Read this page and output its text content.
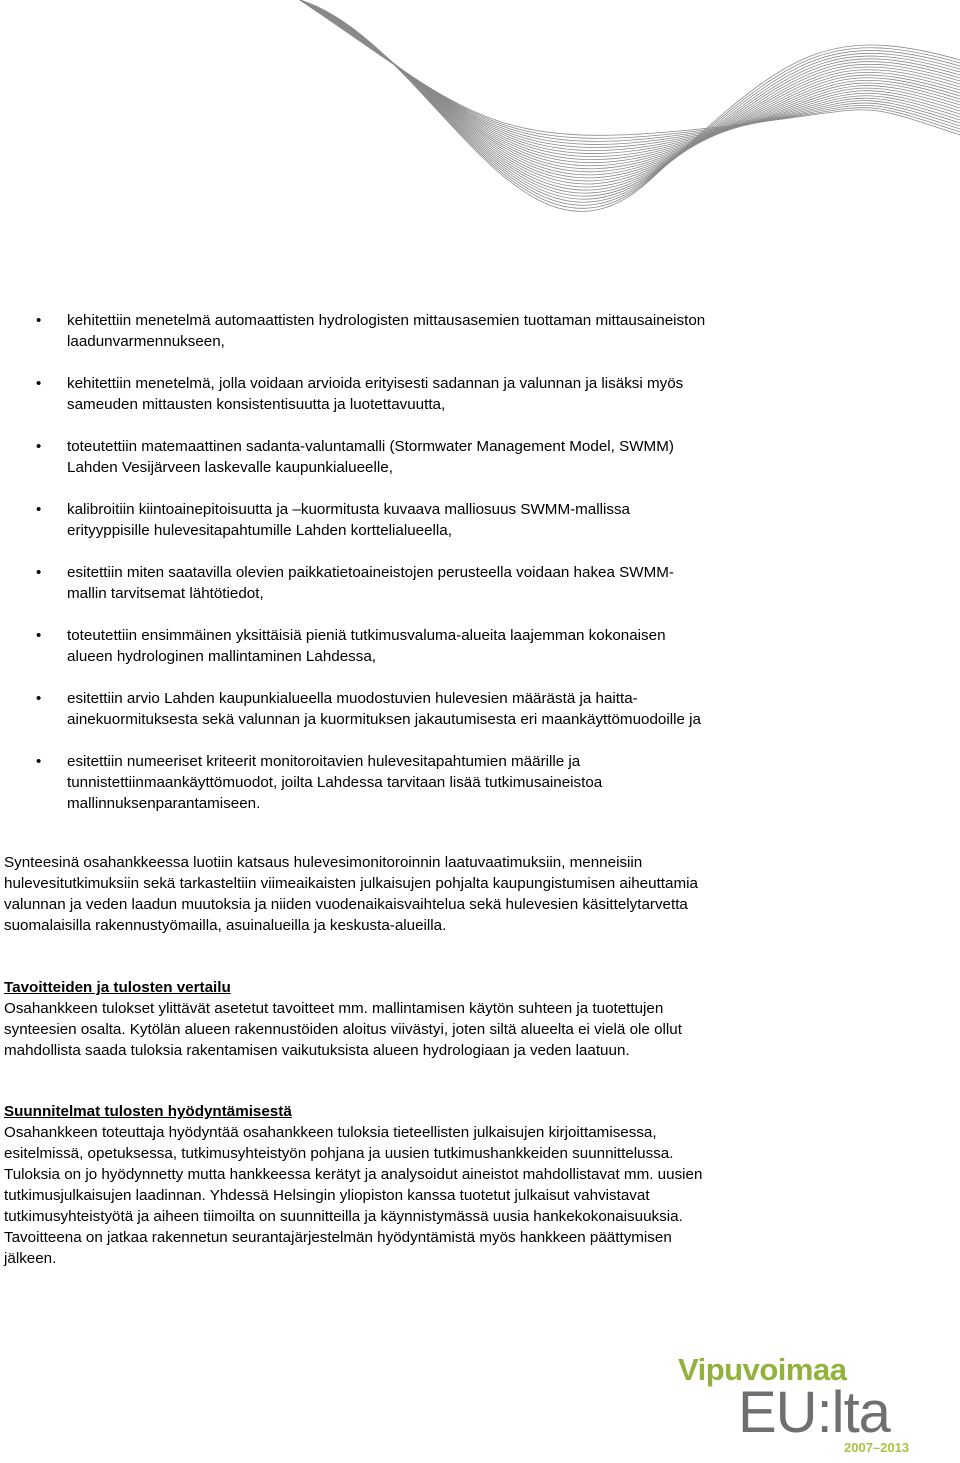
• kehitettiin menetelmä automaattisten hydrologisten mittausasemien tuottaman mittausaineiston laadunvarmennukseen,
• kehitettiin menetelmä, jolla voidaan arvioida erityisesti sadannan ja valunnan ja lisäksi myös sameuden mittausten konsistentisuutta ja luotettavuutta,
• toteutettiin matemaattinen sadanta-valuntamalli (Stormwater Management Model, SWMM) Lahden Vesijärveen laskevalle kaupunkialueelle,
• kalibroitiin kiintoainepitoisuutta ja –kuormitusta kuvaava malliosuus SWMM-mallissa erityyppisille hulevesitapahtumille Lahden korttelialueella,
• esitettiin miten saatavilla olevien paikkatietoaineistojen perusteella voidaan hakea SWMM-mallin tarvitsemat lähtötiedot,
• toteutettiin ensimmäinen yksittäisiä pieniä tutkimusvaluma-alueita laajemman kokonaisen alueen hydrologinen mallintaminen Lahdessa,
• esitettiin arvio Lahden kaupunkialueella muodostuvien hulevesien määrästä ja haitta-ainekuormituksesta sekä valunnan ja kuormituksen jakautumisesta eri maankäyttömuodoille ja
• esitettiin numeeriset kriteerit monitoroitavien hulevesitapahtumien määrille ja tunnistettiinmaankäyttömuodot, joilta Lahdessa tarvitaan lisää tutkimusaineistoa mallinnuksenparantamiseen.

Synteesinä osahankkeessa luotiin katsaus hulevesimonitoroinnin laatuvaatimuksiin, menneisiin hulevesitutkimuksiin sekä tarkasteltiin viimeaikaisten julkaisujen pohjalta kaupungistumisen aiheuttamia valunnan ja veden laadun muutoksia ja niiden vuodenaikaisvaihtelua sekä hulevesien käsittelytarvetta suomalaisilla rakennustyömailla, asuinalueilla ja keskusta-alueilla.

Tavoitteiden ja tulosten vertailu
Osahankkeen tulokset ylittävät asetetut tavoitteet mm. mallintamisen käytön suhteen ja tuotettujen synteesien osalta. Kytölän alueen rakennustöiden aloitus viivästyi, joten siltä alueelta ei vielä ole ollut mahdollista saada tuloksia rakentamisen vaikutuksista alueen hydrologiaan ja veden laatuun.
Suunnitelmat tulosten hyödyntämisestä
Osahankkeen toteuttaja hyödyntää osahankkeen tuloksia tieteellisten julkaisujen kirjoittamisessa, esitelmissä, opetuksessa, tutkimusyhteistyön pohjana ja uusien tutkimushankkeiden suunnittelussa. Tuloksia on jo hyödynnetty mutta hankkeessa kerätyt ja analysoidut aineistot mahdollistavat mm. uusien tutkimusjulkaisujen laadinnan. Yhdessä Helsingin yliopiston kanssa tuotetut julkaisut vahvistavat tutkimusyhteistyötä ja aiheen tiimoilta on suunnitteilla ja käynnistymässä uusia hankekokonaisuuksia. Tavoitteena on jatkaa rakennetun seurantajärjestelmän hyödyntämistä myös hankkeen päättymisen jälkeen.
Vipuvoimaa
EU:lta
2007–2013
